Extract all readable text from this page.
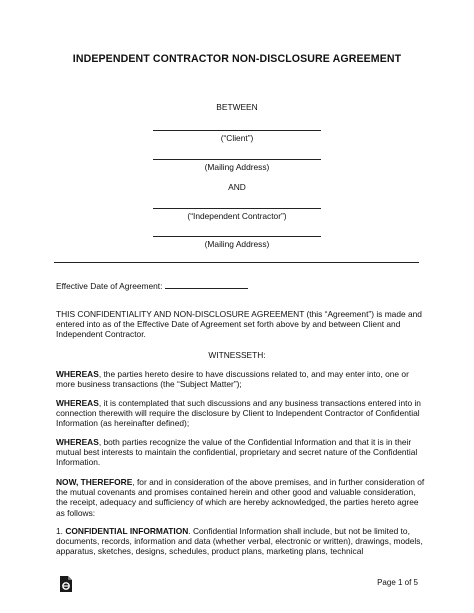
INDEPENDENT CONTRACTOR NON-DISCLOSURE AGREEMENT
BETWEEN
(“Client”)
(Mailing Address)
AND
(“Independent Contractor”)
(Mailing Address)

Effective Date of Agreement:

THIS CONFIDENTIALITY AND NON-DISCLOSURE AGREEMENT (this “Agreement”) is made and entered into as of the Effective Date of Agreement set forth above by and between Client and Independent Contractor.

WITNESSETH:

WHEREAS, the parties hereto desire to have discussions related to, and may enter into, one or more business transactions (the “Subject Matter”);

WHEREAS, it is contemplated that such discussions and any business transactions entered into in connection therewith will require the disclosure by Client to Independent Contractor of Confidential Information (as hereinafter defined);

WHEREAS, both parties recognize the value of the Confidential Information and that it is in their mutual best interests to maintain the confidential, proprietary and secret nature of the Confidential Information.

NOW, THEREFORE, for and in consideration of the above premises, and in further consideration of the mutual covenants and promises contained herein and other good and valuable consideration, the receipt, adequacy and sufficiency of which are hereby acknowledged, the parties hereto agree as follows:

1. CONFIDENTIAL INFORMATION. Confidential Information shall include, but not be limited to, documents, records, information and data (whether verbal, electronic or written), drawings, models, apparatus, sketches, designs, schedules, product plans, marketing plans, technical

Page 1 of 5
